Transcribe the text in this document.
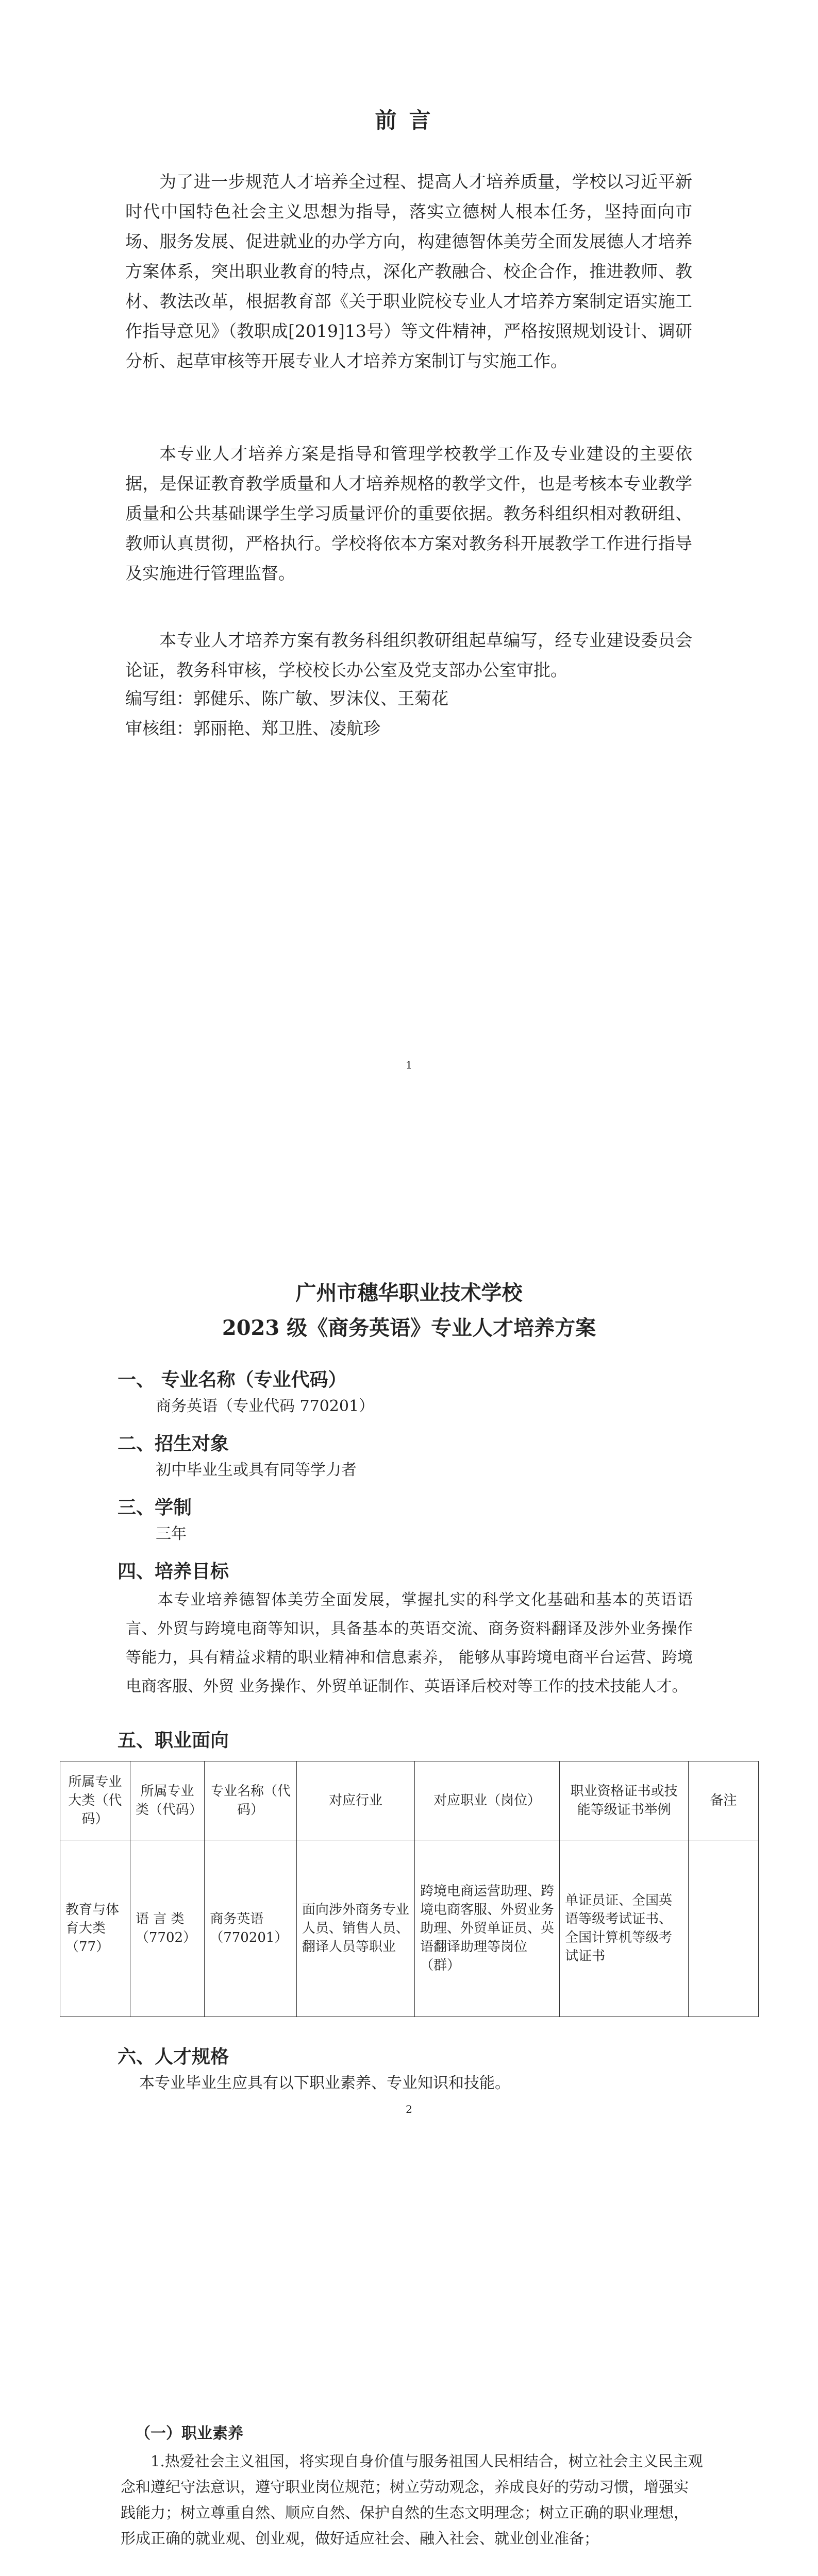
前言

为了进一步规范人才培养全过程、提高人才培养质量，学校以习近平新时代中国特色社会主义思想为指导，落实立德树人根本任务，坚持面向市场、服务发展、促进就业的办学方向，构建德智体美劳全面发展德人才培养方案体系，突出职业教育的特点，深化产教融合、校企合作，推进教师、教材、教法改革，根据教育部《关于职业院校专业人才培养方案制定语实施工作指导意见》（教职成[2019]13号）等文件精神，严格按照规划设计、调研分析、起草审核等开展专业人才培养方案制订与实施工作。

本专业人才培养方案是指导和管理学校教学工作及专业建设的主要依据，是保证教育教学质量和人才培养规格的教学文件，也是考核本专业教学质量和公共基础课学生学习质量评价的重要依据。教务科组织相对教研组、教师认真贯彻，严格执行。学校将依本方案对教务科开展教学工作进行指导及实施进行管理监督。

本专业人才培养方案有教务科组织教研组起草编写，经专业建设委员会论证，教务科审核，学校校长办公室及党支部办公室审批。

编写组：郭健乐、陈广敏、罗沫仪、王菊花
审核组：郭丽艳、郑卫胜、凌航珍
1
广州市穗华职业技术学校
2023 级《商务英语》专业人才培养方案
一、 专业名称（专业代码）
商务英语（专业代码 770201）
二、招生对象
初中毕业生或具有同等学力者
三、学制
三年
四、培养目标

本专业培养德智体美劳全面发展，掌握扎实的科学文化基础和基本的英语语言、外贸与跨境电商等知识，具备基本的英语交流、商务资料翻译及涉外业务操作等能力，具有精益求精的职业精神和信息素养， 能够从事跨境电商平台运营、跨境电商客服、外贸 业务操作、外贸单证制作、英语译后校对等工作的技术技能人才。

五、职业面向
所属专业大类（代码）	所属专业类（代码）	专业名称（代码）	对应行业	对应职业（岗位）	职业资格证书或技能等级证书举例	备注
教育与体育大类（77）	语 言 类（7702）	商务英语（770201）	面向涉外商务专业人员、销售人员、翻译人员等职业	跨境电商运营助理、跨境电商客服、外贸业务助理、外贸单证员、英语翻译助理等岗位（群）	单证员证、全国英语等级考试证书、全国计算机等级考试证书	
六、人才规格
本专业毕业生应具有以下职业素养、专业知识和技能。
2
（一）职业素养

1.热爱社会主义祖国，将实现自身价值与服务祖国人民相结合，树立社会主义民主观念和遵纪守法意识，遵守职业岗位规范；树立劳动观念，养成良好的劳动习惯，增强实践能力；树立尊重自然、顺应自然、保护自然的生态文明理念；树立正确的职业理想，形成正确的就业观、创业观，做好适应社会、融入社会、就业创业准备；
